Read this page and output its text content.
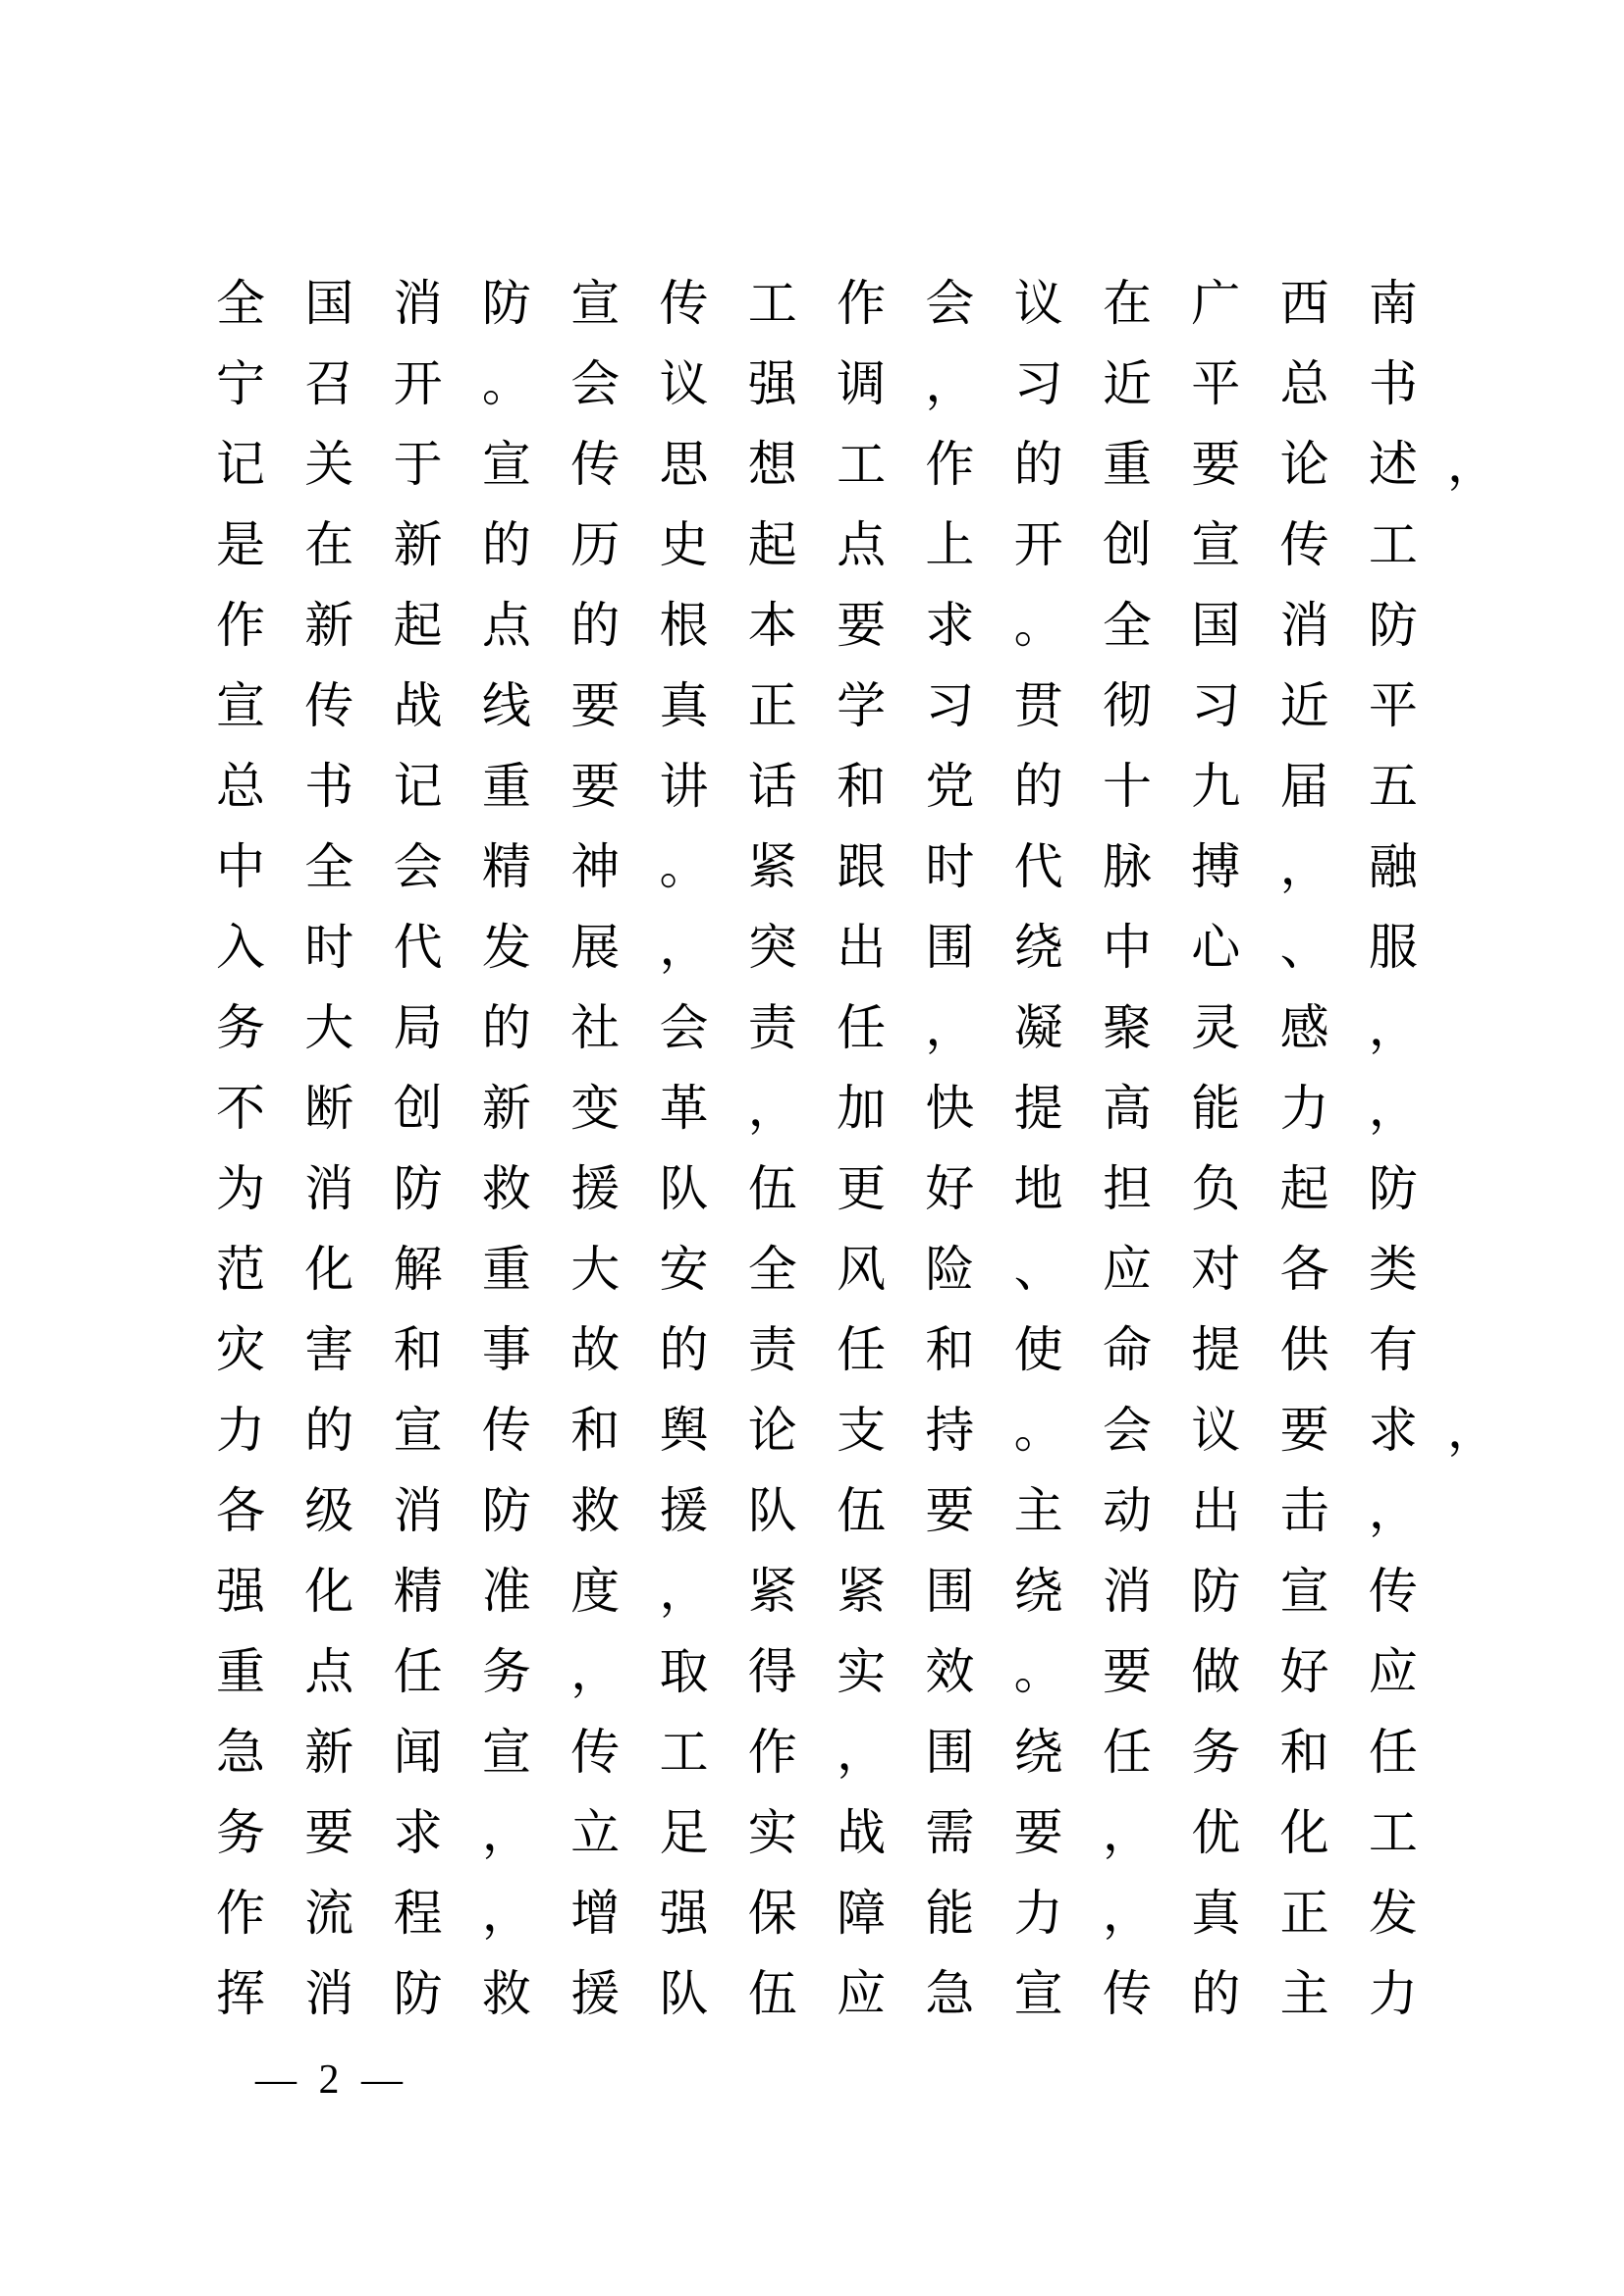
全 国 消 防 宣 传 工 作 会 议 在 广 西 南
宁 召 开 。 会 议 强 调 ， 习 近 平 总 书
记 关 于 宣 传 思 想 工 作 的 重 要 论 述 ，
是 在 新 的 历 史 起 点 上 开 创 宣 传 工
作 新 起 点 的 根 本 要 求 。 全 国 消 防
宣 传 战 线 要 真 正 学 习 贯 彻 习 近 平
总 书 记 重 要 讲 话 和 党 的 十 九 届 五
中 全 会 精 神 。 紧 跟 时 代 脉 搏 ， 融
入 时 代 发 展 ， 突 出 围 绕 中 心 、 服
务 大 局 的 社 会 责 任 ， 凝 聚 灵 感 ，
不 断 创 新 变 革 ， 加 快 提 高 能 力 ，
为 消 防 救 援 队 伍 更 好 地 担 负 起 防
范 化 解 重 大 安 全 风 险 、 应 对 各 类
灾 害 和 事 故 的 责 任 和 使 命 提 供 有
力 的 宣 传 和 舆 论 支 持 。 会 议 要 求 ，
各 级 消 防 救 援 队 伍 要 主 动 出 击 ，
强 化 精 准 度 ， 紧 紧 围 绕 消 防 宣 传
重 点 任 务 ， 取 得 实 效 。 要 做 好 应
急 新 闻 宣 传 工 作 ， 围 绕 任 务 和 任
务 要 求 ， 立 足 实 战 需 要 ， 优 化 工
作 流 程 ， 增 强 保 障 能 力 ， 真 正 发
挥 消 防 救 援 队 伍 应 急 宣 传 的 主 力
— 2 —
